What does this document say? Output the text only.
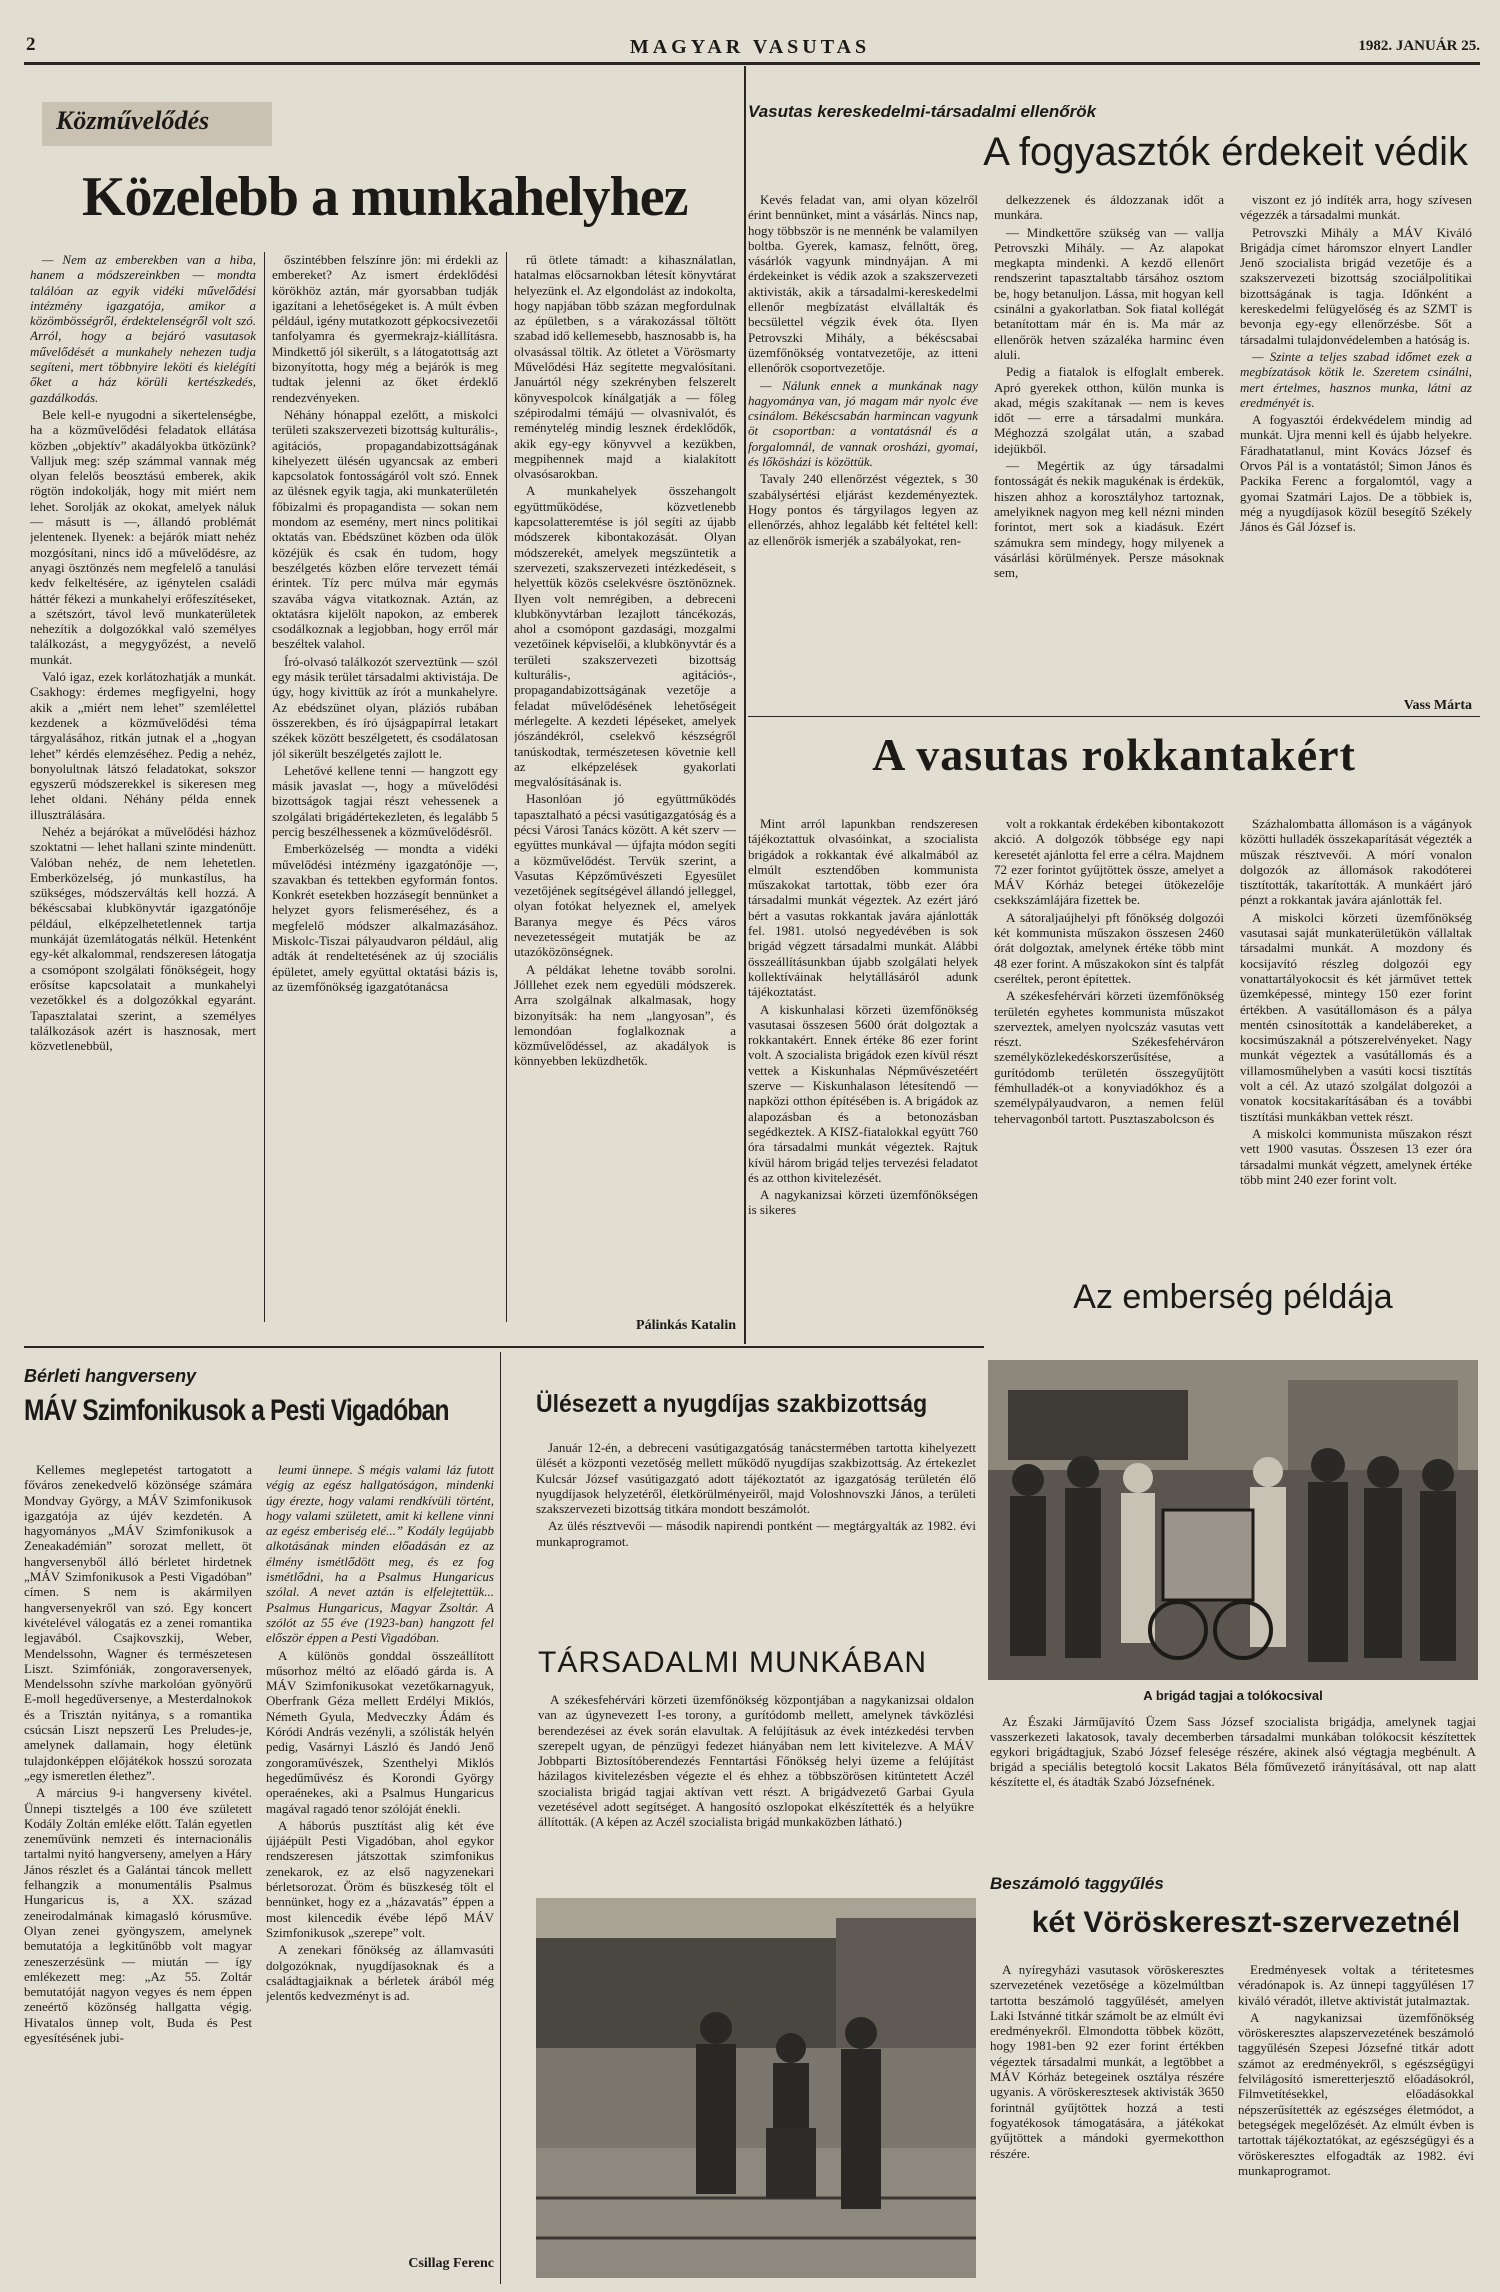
2	MAGYAR VASUTAS	1982. JANUÁR 25.
Közművelődés
Közelebb a munkahelyhez

— Nem az emberekben van a hiba, hanem a módszereinkben — mondta találóan az egyik vidéki művelődési intézmény igazgatója, amikor a közömbösségről, érdektelenségről volt szó. Arról, hogy a bejáró vasutasok művelődését a munkahely nehezen tudja segíteni, mert többnyire leköti és kielégíti őket a ház körüli kertészkedés, gazdálkodás.

Bele kell-e nyugodni a sikertelenségbe, ha a közművelődési feladatok ellátása közben „objektív” akadályokba ütközünk? Valljuk meg: szép számmal vannak még olyan felelős beosztású emberek, akik rögtön indokolják, hogy mit miért nem lehet. Sorolják az okokat, amelyek náluk — másutt is —, állandó problémát jelentenek. Ilyenek: a bejárók miatt nehéz mozgósítani, nincs idő a művelődésre, az anyagi ösztönzés nem megfelelő a tanulási kedv felkeltésére, az igénytelen családi háttér fékezi a munkahelyi erőfeszítéseket, a szétszórt, távol levő munkaterületek nehezítik a dolgozókkal való személyes találkozást, a megygyőzést, a nevelő munkát.

Való igaz, ezek korlátozhatják a munkát. Csakhogy: érdemes megfigyelni, hogy akik a „miért nem lehet” szemlélettel kezdenek a közművelődési téma tárgyalásához, ritkán jutnak el a „hogyan lehet” kérdés elemzéséhez. Pedig a nehéz, bonyolultnak látszó feladatokat, sokszor egyszerű módszerekkel is sikeresen meg lehet oldani. Néhány példa ennek illusztrálására.

Nehéz a bejárókat a művelődési házhoz szoktatni — lehet hallani szinte mindenütt. Valóban nehéz, de nem lehetetlen. Emberközelség, jó munkastílus, ha szükséges, módszerváltás kell hozzá. A békéscsabai klubkönyvtár igazgatónője például, elképzelhetetlennek tartja munkáját üzemlátogatás nélkül. Hetenként egy-két alkalommal, rendszeresen látogatja a csomópont szolgálati főnökségeit, hogy erősítse kapcsolatait a munkahelyi vezetőkkel és a dolgozókkal egyaránt. Tapasztalatai szerint, a személyes találkozások azért is hasznosak, mert közvetlenebbül,

őszintébben felszínre jön: mi érdekli az embereket? Az ismert érdeklődési körökhöz aztán, már gyorsabban tudják igazítani a lehetőségeket is. A múlt évben például, igény mutatkozott gépkocsivezetői tanfolyamra és gyermekrajz-kiállításra. Mindkettő jól sikerült, s a látogatottság azt bizonyította, hogy még a bejárók is meg tudtak jelenni az őket érdeklő rendezvényeken.

Néhány hónappal ezelőtt, a miskolci területi szakszervezeti bizottság kulturális-, agitációs, propagandabizottságának kihelyezett ülésén ugyancsak az emberi kapcsolatok fontosságáról volt szó. Ennek az ülésnek egyik tagja, aki munkaterületén főbizalmi és propagandista — sokan nem mondom az esemény, mert nincs politikai oktatás van. Ebédszünet közben oda ülök közéjük és csak én tudom, hogy beszélgetés közben előre tervezett témái érintek. Tíz perc múlva már egymás szavába vágva vitatkoznak. Aztán, az oktatásra kijelölt napokon, az emberek csodálkoznak a legjobban, hogy erről már beszéltek valahol.

Író-olvasó találkozót szerveztünk — szól egy másik terület társadalmi aktivistája. De úgy, hogy kivittük az írót a munkahelyre. Az ebédszünet olyan, pláziós rubában összerekben, és író újságpapírral letakart székek között beszélgetett, és csodálatosan jól sikerült beszélgetés zajlott le.

Lehetővé kellene tenni — hangzott egy másik javaslat —, hogy a művelődési bizottságok tagjai részt vehessenek a szolgálati brigádértekezleten, és legalább 5 percig beszélhessenek a közművelődésről.

Emberközelség — mondta a vidéki művelődési intézmény igazgatónője —, szavakban és tettekben egyformán fontos. Konkrét esetekben hozzásegít bennünket a helyzet gyors felismeréséhez, és a megfelelő módszer alkalmazásához. Miskolc-Tiszai pályaudvaron például, alig adták át rendeltetésének az új szociális épületet, amely együttal oktatási bázis is, az üzemfőnökség igazgatótanácsa

rű ötlete támadt: a kihasználatlan, hatalmas előcsarnokban létesít könyvtárat helyezünk el. Az elgondolást az indokolta, hogy napjában több százan megfordulnak az épületben, s a várakozással töltött szabad idő kellemesebb, hasznosabb is, ha olvasással töltik. Az ötletet a Vörösmarty Művelődési Ház segítette megvalósítani. Januártól négy szekrényben felszerelt könyvespolcok kínálgatják a — főleg szépirodalmi témájú — olvasnivalót, és reménytelég mindig lesznek érdeklődők, akik egy-egy könyvvel a kezükben, megpihennek majd a kialakított olvasósarokban.

A munkahelyek összehangolt együttműködése, közvetlenebb kapcsolatteremtése is jól segíti az újabb módszerek kibontakozását. Olyan módszerekét, amelyek megszüntetik a szervezeti, szakszervezeti intézkedéseit, s helyettük közös cselekvésre ösztönöznek. Ilyen volt nemrégiben, a debreceni klubkönyvtárban lezajlott táncékozás, ahol a csomópont gazdasági, mozgalmi vezetőinek képviselői, a klubkönyvtár és a területi szakszervezeti bizottság kulturális-, agitációs-, propagandabizottságának vezetője a feladat művelődésének lehetőségeit mérlegelte. A kezdeti lépéseket, amelyek jószándékról, cselekvő készségről tanúskodtak, természetesen követnie kell az elképzelések gyakorlati megvalósításának is.

Hasonlóan jó együttműködés tapasztalható a pécsi vasútigazgatóság és a pécsi Városi Tanács között. A két szerv — együttes munkával — újfajta módon segíti a közművelődést. Tervük szerint, a Vasutas Képzőművészeti Egyesület vezetőjének segítségével állandó jelleggel, olyan fotókat helyeznek el, amelyek Baranya megye és Pécs város nevezetességeit mutatják be az utazóközönségnek.

A példákat lehetne tovább sorolni. Jólllehet ezek nem egyedüli módszerek. Arra szolgálnak alkalmasak, hogy bizonyítsák: ha nem „langyosan”, és lemondóan foglalkoznak a közművelődéssel, az akadályok is könnyebben leküzdhetők.

Pálinkás Katalin
Vasutas kereskedelmi-társadalmi ellenőrök
A fogyasztók érdekeit védik

Kevés feladat van, ami olyan közelről érint bennünket, mint a vásárlás. Nincs nap, hogy többször is ne mennénk be valamilyen boltba. Gyerek, kamasz, felnőtt, öreg, vásárlók vagyunk mindnyájan. A mi érdekeinket is védik azok a szakszervezeti aktivisták, akik a társadalmi-kereskedelmi ellenőr megbízatást elvállalták és becsülettel végzik évek óta. Ilyen Petrovszki Mihály, a békéscsabai üzemfőnökség vontatvezetője, az itteni ellenőrök csoportvezetője.

— Nálunk ennek a munkának nagy hagyománya van, jó magam már nyolc éve csinálom. Békéscsabán harmincan vagyunk öt csoportban: a vontatásnál és a forgalomnál, de vannak orosházi, gyomai, és lőkösházi is közöttük.

Tavaly 240 ellenőrzést végeztek, s 30 szabálysértési eljárást kezdeményeztek. Hogy pontos és tárgyilagos legyen az ellenőrzés, ahhoz legalább két feltétel kell: az ellenőrök ismerjék a szabályokat, ren-

delkezzenek és áldozzanak időt a munkára.

— Mindkettőre szükség van — vallja Petrovszki Mihály. — Az alapokat megkapta mindenki. A kezdő ellenőrt rendszerint tapasztaltabb társához osztom be, hogy betanuljon. Lássa, mit hogyan kell csinálni a gyakorlatban. Sok fiatal kollégát betanítottam már én is. Ma már az ellenőrök hetven százaléka harminc éven aluli.

Pedig a fiatalok is elfoglalt emberek. Apró gyerekek otthon, külön munka is akad, mégis szakítanak — nem is keves időt — erre a társadalmi munkára. Méghozzá szolgálat után, a szabad idejükből.

— Megértik az úgy társadalmi fontosságát és nekik magukénak is érdekük, hiszen ahhoz a korosztályhoz tartoznak, amelyiknek nagyon meg kell nézni minden forintot, mert sok a kiadásuk. Ezért számukra sem mindegy, hogy milyenek a vásárlási körülmények. Persze másoknak sem,

viszont ez jó indíték arra, hogy szívesen végezzék a társadalmi munkát.

Petrovszki Mihály a MÁV Kiváló Brigádja címet háromszor elnyert Landler Jenő szocialista brigád vezetője és a szakszervezeti bizottság szociálpolitikai bizottságának is tagja. Időnként a kereskedelmi felügyelőség és az SZMT is bevonja egy-egy ellenőrzésbe. Sőt a társadalmi tulajdonvédelemben a hatóság is.

— Szinte a teljes szabad időmet ezek a megbízatások kötik le. Szeretem csinálni, mert értelmes, hasznos munka, látni az eredményét is.

A fogyasztói érdekvédelem mindig ad munkát. Ujra menni kell és újabb helyekre. Fáradhatatlanul, mint Kovács József és Orvos Pál is a vontatástól; Simon János és Packika Ferenc a forgalomtól, vagy a gyomai Szatmári Lajos. De a többiek is, még a nyugdíjasok közül besegítő Székely János és Gál József is.

Vass Márta
A vasutas rokkantakért

Mint arról lapunkban rendszeresen tájékoztattuk olvasóinkat, a szocialista brigádok a rokkantak évé alkalmából az elmúlt esztendőben kommunista műszakokat tartottak, több ezer óra társadalmi munkát végeztek. Az ezért járó bért a vasutas rokkantak javára ajánlották fel. 1981. utolsó negyedévében is sok brigád végzett társadalmi munkát. Alábbi összeállításunkban újabb szolgálati helyek kollektíváinak helytállásáról adunk tájékoztatást.

A kiskunhalasi körzeti üzemfőnökség vasutasai összesen 5600 órát dolgoztak a rokkantakért. Ennek értéke 86 ezer forint volt. A szocialista brigádok ezen kívül részt vettek a Kiskunhalas Népművészetéért szerve — Kiskunhalason létesítendő — napközi otthon építésében is. A brigádok az alapozásban és a betonozásban segédkeztek. A KISZ-fiatalokkal együtt 760 óra társadalmi munkát végeztek. Rajtuk kívül három brigád teljes tervezési feladatot és az otthon kivitelezését.

A nagykanizsai körzeti üzemfőnökségen is sikeres

volt a rokkantak érdekében kibontakozott akció. A dolgozók többsége egy napi keresetét ajánlotta fel erre a célra. Majdnem 72 ezer forintot gyűjtöttek össze, amelyet a MÁV Kórház betegei ütökezelője csekkszámlájára fizettek be.

A sátoraljaújhelyi pft főnökség dolgozói két kommunista műszakon összesen 2460 órát dolgoztak, amelynek értéke több mint 48 ezer forint. A műszakokon sínt és talpfát cseréltek, peront építettek.

A székesfehérvári körzeti üzemfőnökség területén egyhetes kommunista műszakot szerveztek, amelyen nyolcszáz vasutas vett részt. Székesfehérváron személyközlekedéskorszerűsítése, a gurítódomb területén összegyűjtött fémhulladék-ot a konyviadókhoz és a személypályaudvaron, a nemen felül tehervagonból tartott. Pusztaszabolcson és

Százhalombatta állomáson is a vágányok közötti hulladék összekaparítását végezték a műszak résztvevői. A mórí vonalon dolgozók az állomások rakodóterei tisztították, takarították. A munkáért járó pénzt a rokkantak javára ajánlották fel.

A miskolci körzeti üzemfőnökség vasutasai saját munkaterületükön vállaltak társadalmi munkát. A mozdony és kocsijavító részleg dolgozói egy vonattartályokocsit és két járművet tettek üzemképessé, mintegy 150 ezer forint értékben. A vasútállomáson és a pálya mentén csinosították a kandelábereket, a kocsimúszaknál a pótszerelvényeket. Nagy munkát végeztek a vasútállomás és a villamosműhelyben a vasúti kocsi tisztítás volt a cél. Az utazó szolgálat dolgozói a vonatok kocsitakarításában és a további tisztítási munkákban vettek részt.

A miskolci kommunista műszakon részt vett 1900 vasutas. Összesen 13 ezer óra társadalmi munkát végzett, amelynek értéke több mint 240 ezer forint volt.

Az emberség példája
A brigád tagjai a tolókocsival

Az Északi Járműjavító Üzem Sass József szocialista brigádja, amelynek tagjai vasszerkezeti lakatosok, tavaly decemberben társadalmi munkában tolókocsit készítettek egykori brigádtagjuk, Szabó József felesége részére, akinek alsó végtagja megbénult. A brigád a speciális betegtoló kocsit Lakatos Béla főművezető irányításával, ott nap alatt készítette el, és átadták Szabó Józsefnének.

Bérleti hangverseny
MÁV Szimfonikusok a Pesti Vigadóban

Kellemes meglepetést tartogatott a főváros zenekedvelő közönsége számára Mondvay György, a MÁV Szimfonikusok igazgatója az újév kezdetén. A hagyományos „MÁV Szimfonikusok a Zeneakadémián” sorozat mellett, öt hangversenyből álló bérletet hirdetnek „MÁV Szimfonikusok a Pesti Vigadóban” címen. S nem is akármilyen hangversenyekről van szó. Egy koncert kivételével válogatás ez a zenei romantika legjavából. Csajkovszkij, Weber, Mendelssohn, Wagner és természetesen Liszt. Szimfóniák, zongoraversenyek, Mendelssohn szívhe markolóan gyönyörű E-moll hegedűversenye, a Mesterdalnokok és a Trisztán nyitánya, s a romantika csúcsán Liszt nepszerű Les Preludes-je, amelynek dallamain, hogy életünk tulajdonképpen előjátékok hosszú sorozata „egy ismeretlen élethez”.

A március 9-i hangverseny kivétel. Ünnepi tisztelgés a 100 éve született Kodály Zoltán emléke előtt. Talán egyetlen zeneművünk nemzeti és internacionális tartalmi nyitó hangverseny, amelyen a Háry János részlet és a Galántai táncok mellett felhangzik a monumentális Psalmus Hungaricus is, a XX. század zeneirodalmának kimagasló kórusműve. Olyan zenei gyöngyszem, amelynek bemutatója a legkitűnőbb volt magyar zeneszerzésünk — miután — így emlékezett meg: „Az 55. Zoltár bemutatóját nagyon vegyes és nem éppen zeneértő közönség hallgatta végig. Hivatalos ünnep volt, Buda és Pest egyesítésének jubi-

leumi ünnepe. S mégis valami láz futott végig az egész hallgatóságon, mindenki úgy érezte, hogy valami rendkívüli történt, hogy valami született, amit ki kellene vinni az egész emberiség elé...” Kodály legújabb alkotásának minden előadásán ez az élmény ismétlődött meg, és ez fog ismétlődni, ha a Psalmus Hungaricus szólal. A nevet aztán is elfelejtettük... Psalmus Hungaricus, Magyar Zsoltár. A szólót az 55 éve (1923-ban) hangzott fel először éppen a Pesti Vigadóban.

A különös gonddal összeállított műsorhoz méltó az előadó gárda is. A MÁV Szimfonikusokat vezetőkarnagyuk, Oberfrank Géza mellett Erdélyi Miklós, Németh Gyula, Medveczky Ádám és Kóródi András vezényli, a szólisták helyén pedig, Vasárnyi László és Jandó Jenő zongoraművészek, Szenthelyi Miklós hegedűművész és Korondi György operaénekes, aki a Psalmus Hungaricus magával ragadó tenor szólóját énekli.

A háborús pusztítást alig két éve újjáépült Pesti Vigadóban, ahol egykor rendszeresen játszottak szimfonikus zenekarok, ez az első nagyzenekari bérletsorozat. Öröm és büszkeség tölt el bennünket, hogy ez a „házavatás” éppen a most kilencedik évébe lépő MÁV Szimfonikusok „szerepe” volt.

A zenekari főnökség az államvasúti dolgozóknak, nyugdíjasoknak és a családtagjaiknak a bérletek árából még jelentős kedvezményt is ad.

Csillag Ferenc
Ülésezett a nyugdíjas szakbizottság

Január 12-én, a debreceni vasútigazgatóság tanácstermében tartotta kihelyezett ülését a központi vezetőség mellett működő nyugdíjas szakbizottság. Az értekezlet Kulcsár József vasútigazgató adott tájékoztatót az igazgatóság területén élő nyugdíjasok helyzetéről, életkörülményeiről, majd Voloshnovszki János, a területi szakszervezeti bizottság titkára mondott beszámolót.

Az ülés résztvevői — második napirendi pontként — megtárgyalták az 1982. évi munkaprogramot.

TÁRSADALMI MUNKÁBAN

A székesfehérvári körzeti üzemfőnökség központjában a nagykanizsai oldalon van az úgynevezett I-es torony, a gurítódomb mellett, amelynek távközlési berendezései az évek során elavultak. A felújításuk az évek intézkedési tervben szerepelt ugyan, de pénzügyi fedezet hiányában nem lett kivitelezve. A MÁV Jobbparti Biztosítóberendezés Fenntartási Főnökség helyi üzeme a felújítást házilagos kivitelezésben végezte el és ehhez a többszörösen kitüntetett Aczél szocialista brigád tagjai aktívan vett részt. A brigádvezető Garbai Gyula vezetésével adott segítséget. A hangosító oszlopokat elkészítették és a helyükre állították. (A képen az Aczél szocialista brigád munkaközben látható.)

Beszámoló taggyűlés
két Vöröskereszt-szervezetnél

A nyíregyházi vasutasok vöröskeresztes szervezetének vezetősége a közelmúltban tartotta beszámoló taggyűlését, amelyen Laki Istvánné titkár számolt be az elmúlt évi eredményekről. Elmondotta többek között, hogy 1981-ben 92 ezer forint értékben végeztek társadalmi munkát, a legtöbbet a MÁV Kórház betegeinek osztálya részére ugyanis. A vöröskeresztesek aktivisták 3650 forintnál gyűjtöttek hozzá a testi fogyatékosok támogatására, a játékokat gyűjtöttek a mándoki gyermekotthon részére.

Eredményesek voltak a téritetesmes véradónapok is. Az ünnepi taggyűlésen 17 kiváló véradót, illetve aktivistát jutalmaztak.

A nagykanizsai üzemfőnökség vöröskeresztes alapszervezetének beszámoló taggyűlésén Szepesi Józsefné titkár adott számot az eredményekről, s egészségügyi felvilágosító ismeretterjesztő előadásokról, Filmvetítésekkel, előadásokkal népszerűsítették az egészséges életmódot, a betegségek megelőzését. Az elmúlt évben is tartottak tájékoztatókat, az egészségügyi és a vöröskeresztes elfogadták az 1982. évi munkaprogramot.
